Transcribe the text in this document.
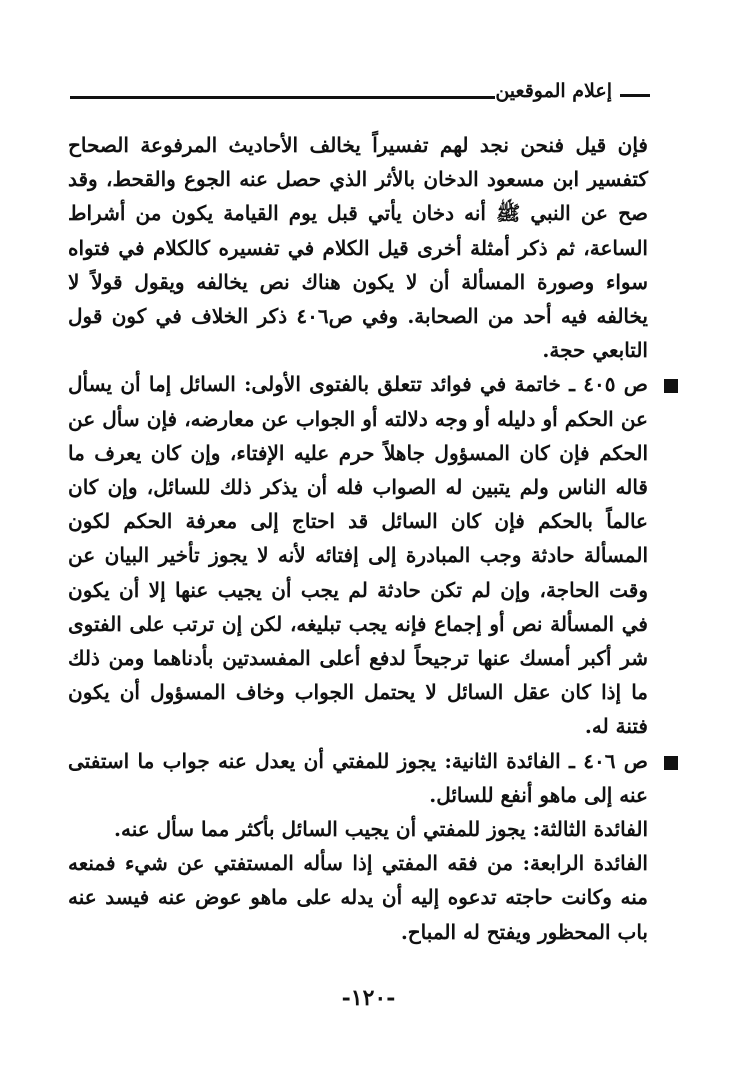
إعلام الموقعين

فإن قيل فنحن نجد لهم تفسيراً يخالف الأحاديث المرفوعة الصحاح كتفسير ابن مسعود الدخان بالأثر الذي حصل عنه الجوع والقحط، وقد صح عن النبي ﷺ أنه دخان يأتي قبل يوم القيامة يكون من أشراط الساعة، ثم ذكر أمثلة أخرى قيل الكلام في تفسيره كالكلام في فتواه سواء وصورة المسألة أن لا يكون هناك نص يخالفه ويقول قولاً لا يخالفه فيه أحد من الصحابة. وفي ص٤٠٦ ذكر الخلاف في كون قول التابعي حجة.

ص ٤٠٥ ـ خاتمة في فوائد تتعلق بالفتوى الأولى: السائل إما أن يسأل عن الحكم أو دليله أو وجه دلالته أو الجواب عن معارضه، فإن سأل عن الحكم فإن كان المسؤول جاهلاً حرم عليه الإفتاء، وإن كان يعرف ما قاله الناس ولم يتبين له الصواب فله أن يذكر ذلك للسائل، وإن كان عالماً بالحكم فإن كان السائل قد احتاج إلى معرفة الحكم لكون المسألة حادثة وجب المبادرة إلى إفتائه لأنه لا يجوز تأخير البيان عن وقت الحاجة، وإن لم تكن حادثة لم يجب أن يجيب عنها إلا أن يكون في المسألة نص أو إجماع فإنه يجب تبليغه، لكن إن ترتب على الفتوى شر أكبر أمسك عنها ترجيحاً لدفع أعلى المفسدتين بأدناهما ومن ذلك ما إذا كان عقل السائل لا يحتمل الجواب وخاف المسؤول أن يكون فتنة له.

ص ٤٠٦ ـ الفائدة الثانية: يجوز للمفتي أن يعدل عنه جواب ما استفتى عنه إلى ماهو أنفع للسائل.

الفائدة الثالثة: يجوز للمفتي أن يجيب السائل بأكثر مما سأل عنه.

الفائدة الرابعة: من فقه المفتي إذا سأله المستفتي عن شيء فمنعه منه وكانت حاجته تدعوه إليه أن يدله على ماهو عوض عنه فيسد عنه باب المحظور ويفتح له المباح.

-١٢٠-
